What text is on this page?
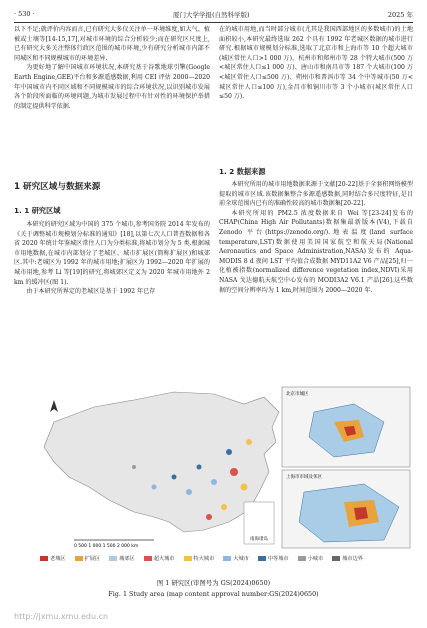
· 530 ·	厦门大学学报(自然科学版)	2025 年

以下不足;就评价内容而言,已有研究大多仅关注单一环境维度,如大气、植被或土壤等[14-15,17],对城市环境的综合分析较少;而在研究区尺度上,已有研究大多关注整体行政区范围的城市环境,少有研究分析城市内部不同城区和不同规模城市的环境差异.

为更好地了解中国城市环境状况,本研究基于谷歌地球引擎(Google Earth Engine,GEE)平台和多源遥感数据,利用 CEI 评估 2000—2020 年中国城市内不同区域和不同规模城市的综合环境状况,以识别城市发展各个阶段所面临的环境问题,为城市发展过程中有针对性的环境保护举措的制定提供科学依据.

1 研究区域与数据来源
1. 1 研究区域

本研究的研究区域为中国的 375 个城市,参考国务院 2014 年发布的《关于调整城市规模划分标准的通知》[18],以第七次人口普查数据和各省 2020 年统计年鉴城区常住人口为分类标准,将城市划分为 5 类.根据城市用地数据,在城市内部划分了老城区、城市扩展区(简称扩展区)和城郊区.其中:老城区为 1992 年的城市用地;扩展区为 1992—2020 年扩展的城市用地,参考 Li 等[19]的研究,将城郊区定义为 2020 年城市用地外 2 km 的缓冲区(图 1).

由于本研究所界定的老城区是基于 1992 年已存

在的城市用地,而当时部分城市(尤其是我国西部地区的多数城市)的土地面积较小,本研究最终选取 262 个具有 1992 年老城区数据的城市进行研究.根据城市规模划分标准,选取了北京市和上海市等 10 个超大城市(城区常住人口>1 000 万)、杭州市和郑州市等 28 个特大城市(500 万<城区常住人口≤1 000 万)、唐山市和南昌市等 187 个大城市(100 万<城区常住人口≤500 万)、朔州市和普洱市等 34 个中等城市(50 万<城区常住人口≤100 万),金昌市和铜川市等 3 个小城市(城区常住人口≤50 万).

1. 2 数据来源

本研究所用的城市用地数据来源于文献[20-22]基于全套积网络模型提取的城市区域.该数据集整合多源遥感数据,同时结合多尺度特征,是目前全球范围内已有的准确性较高的城市数据集[20-22].

本研究所用的 PM2.5 浓度数据来自 Wei 等[23-24]发布的 CHAP(China High Air Pollutants)数据集最新版本(V4),下载自 Zenodo 平台(https://zenodo.org/).地表温度(land surface temperature,LST)数据使用美国国家航空和航天局(National Aeronautics and Space Administration,NASA)发布的 Aqua-MODIS 8 d 夜间 LST 平均值合成数据 MYD11A2 V6 产品[25],归一化植被指数(normalized difference vegetation index,NDVI)采用 NASA 戈达德航天航空中心发布的 MODI3A2 V6.1 产品[26].这些数据的空间分辨率均为 1 km,时间范围为 2000—2020 年.

南海诸岛
0 500 1 000 1 500 2 000 km
北京市城区
上海市市域及邻区
老城区	扩展区	城郊区	超大城市	特大城市	大城市	中等城市	小城市	城市边界
图 1 研究区(审图号为 GS(2024)0650)
Fig. 1 Study area (map content approval number:GS(2024)0650)
http://jxmu.xmu.edu.cn
